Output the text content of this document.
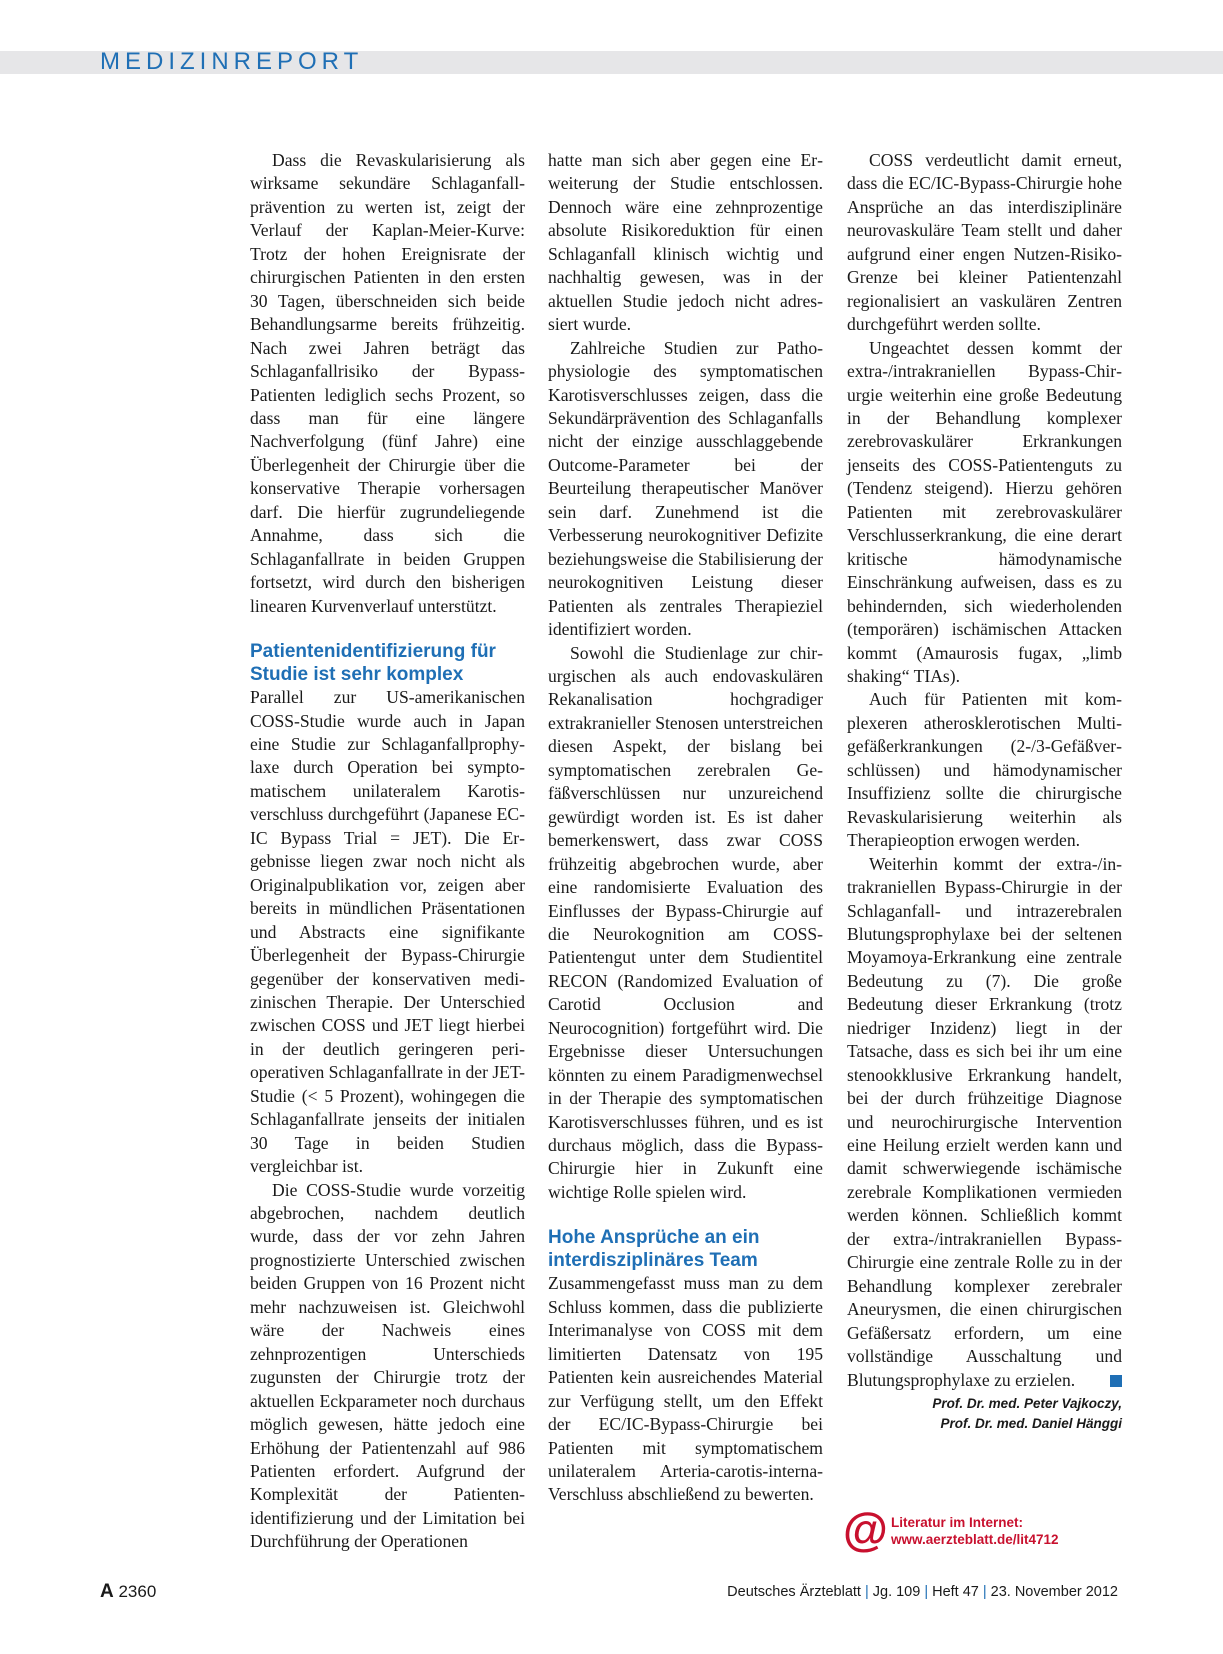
MEDIZINREPORT

Dass die Revaskularisierung als wirksame sekundäre Schlaganfallprävention zu werten ist, zeigt der Verlauf der Kaplan-Meier-Kurve: Trotz der hohen Ereignisrate der chirurgischen Patienten in den ersten 30 Tagen, überschneiden sich beide Behandlungsarme bereits frühzeitig. Nach zwei Jahren beträgt das Schlaganfallrisiko der Bypass-Patienten lediglich sechs Prozent, so dass man für eine längere Nachverfolgung (fünf Jahre) eine Überlegenheit der Chirurgie über die konservative Therapie vorhersagen darf. Die hierfür zugrundeliegende Annahme, dass sich die Schlaganfallrate in beiden Gruppen fortsetzt, wird durch den bisherigen linearen Kurvenverlauf unterstützt.

Patientenidentifizierung für Studie ist sehr komplex

Parallel zur US-amerikanischen COSS-Studie wurde auch in Japan eine Studie zur Schlaganfallprophylaxe durch Operation bei symptomatischem unilateralem Karotisverschluss durchgeführt (Japanese EC-IC Bypass Trial = JET). Die Ergebnisse liegen zwar noch nicht als Originalpublikation vor, zeigen aber bereits in mündlichen Präsentationen und Abstracts eine signifikante Überlegenheit der Bypass-Chirurgie gegenüber der konservativen medizinischen Therapie. Der Unterschied zwischen COSS und JET liegt hierbei in der deutlich geringeren perioperativen Schlaganfallrate in der JET-Studie (< 5 Prozent), wohingegen die Schlaganfallrate jenseits der initialen 30 Tage in beiden Studien vergleichbar ist.

Die COSS-Studie wurde vorzeitig abgebrochen, nachdem deutlich wurde, dass der vor zehn Jahren prognostizierte Unterschied zwischen beiden Gruppen von 16 Prozent nicht mehr nachzuweisen ist. Gleichwohl wäre der Nachweis eines zehnprozentigen Unterschieds zugunsten der Chirurgie trotz der aktuellen Eckparameter noch durchaus möglich gewesen, hätte jedoch eine Erhöhung der Patientenzahl auf 986 Patienten erfordert. Aufgrund der Komplexität der Patientenidentifizierung und der Limitation bei Durchführung der Operationen

hatte man sich aber gegen eine Erweiterung der Studie entschlossen. Dennoch wäre eine zehnprozentige absolute Risikoreduktion für einen Schlaganfall klinisch wichtig und nachhaltig gewesen, was in der aktuellen Studie jedoch nicht adressiert wurde.

Zahlreiche Studien zur Pathophysiologie des symptomatischen Karotisverschlusses zeigen, dass die Sekundärprävention des Schlaganfalls nicht der einzige ausschlaggebende Outcome-Parameter bei der Beurteilung therapeutischer Manöver sein darf. Zunehmend ist die Verbesserung neurokognitiver Defizite beziehungsweise die Stabilisierung der neurokognitiven Leistung dieser Patienten als zentrales Therapieziel identifiziert worden.

Sowohl die Studienlage zur chirurgischen als auch endovaskulären Rekanalisation hochgradiger extrakranieller Stenosen unterstreichen diesen Aspekt, der bislang bei symptomatischen zerebralen Gefäßverschlüssen nur unzureichend gewürdigt worden ist. Es ist daher bemerkenswert, dass zwar COSS frühzeitig abgebrochen wurde, aber eine randomisierte Evaluation des Einflusses der Bypass-Chirurgie auf die Neurokognition am COSS-Patientengut unter dem Studientitel RECON (Randomized Evaluation of Carotid Occlusion and Neurocognition) fortgeführt wird. Die Ergebnisse dieser Untersuchungen könnten zu einem Paradigmenwechsel in der Therapie des symptomatischen Karotisverschlusses führen, und es ist durchaus möglich, dass die Bypass-Chirurgie hier in Zukunft eine wichtige Rolle spielen wird.

Hohe Ansprüche an ein interdisziplinäres Team

Zusammengefasst muss man zu dem Schluss kommen, dass die publizierte Interimanalyse von COSS mit dem limitierten Datensatz von 195 Patienten kein ausreichendes Material zur Verfügung stellt, um den Effekt der EC/IC-Bypass-Chirurgie bei Patienten mit symptomatischem unilateralem Arteria-carotis-interna-Verschluss abschließend zu bewerten.

COSS verdeutlicht damit erneut, dass die EC/IC-Bypass-Chirurgie hohe Ansprüche an das interdisziplinäre neurovaskuläre Team stellt und daher aufgrund einer engen Nutzen-Risiko-Grenze bei kleiner Patientenzahl regionalisiert an vaskulären Zentren durchgeführt werden sollte.

Ungeachtet dessen kommt der extra-/intrakraniellen Bypass-Chirurgie weiterhin eine große Bedeutung in der Behandlung komplexer zerebrovaskulärer Erkrankungen jenseits des COSS-Patientenguts zu (Tendenz steigend). Hierzu gehören Patienten mit zerebrovaskulärer Verschlusserkrankung, die eine derart kritische hämodynamische Einschränkung aufweisen, dass es zu behindernden, sich wiederholenden (temporären) ischämischen Attacken kommt (Amaurosis fugax, „limb shaking“ TIAs).

Auch für Patienten mit komplexeren atherosklerotischen Multigefäßerkrankungen (2-/3-Gefäßverschlüssen) und hämodynamischer Insuffizienz sollte die chirurgische Revaskularisierung weiterhin als Therapieoption erwogen werden.

Weiterhin kommt der extra-/intrakraniellen Bypass-Chirurgie in der Schlaganfall- und intrazerebralen Blutungsprophylaxe bei der seltenen Moyamoya-Erkrankung eine zentrale Bedeutung zu (7). Die große Bedeutung dieser Erkrankung (trotz niedriger Inzidenz) liegt in der Tatsache, dass es sich bei ihr um eine stenookklusive Erkrankung handelt, bei der durch frühzeitige Diagnose und neurochirurgische Intervention eine Heilung erzielt werden kann und damit schwerwiegende ischämische zerebrale Komplikationen vermieden werden können. Schließlich kommt der extra-/intrakraniellen Bypass-Chirurgie eine zentrale Rolle zu in der Behandlung komplexer zerebraler Aneurysmen, die einen chirurgischen Gefäßersatz erfordern, um eine vollständige Ausschaltung und Blutungsprophylaxe zu erzielen.

Prof. Dr. med. Peter Vajkoczy,
Prof. Dr. med. Daniel Hänggi
@ Literatur im Internet:
www.aerzteblatt.de/lit4712
A 2360	Deutsches Ärzteblatt | Jg. 109 | Heft 47 | 23. November 2012
